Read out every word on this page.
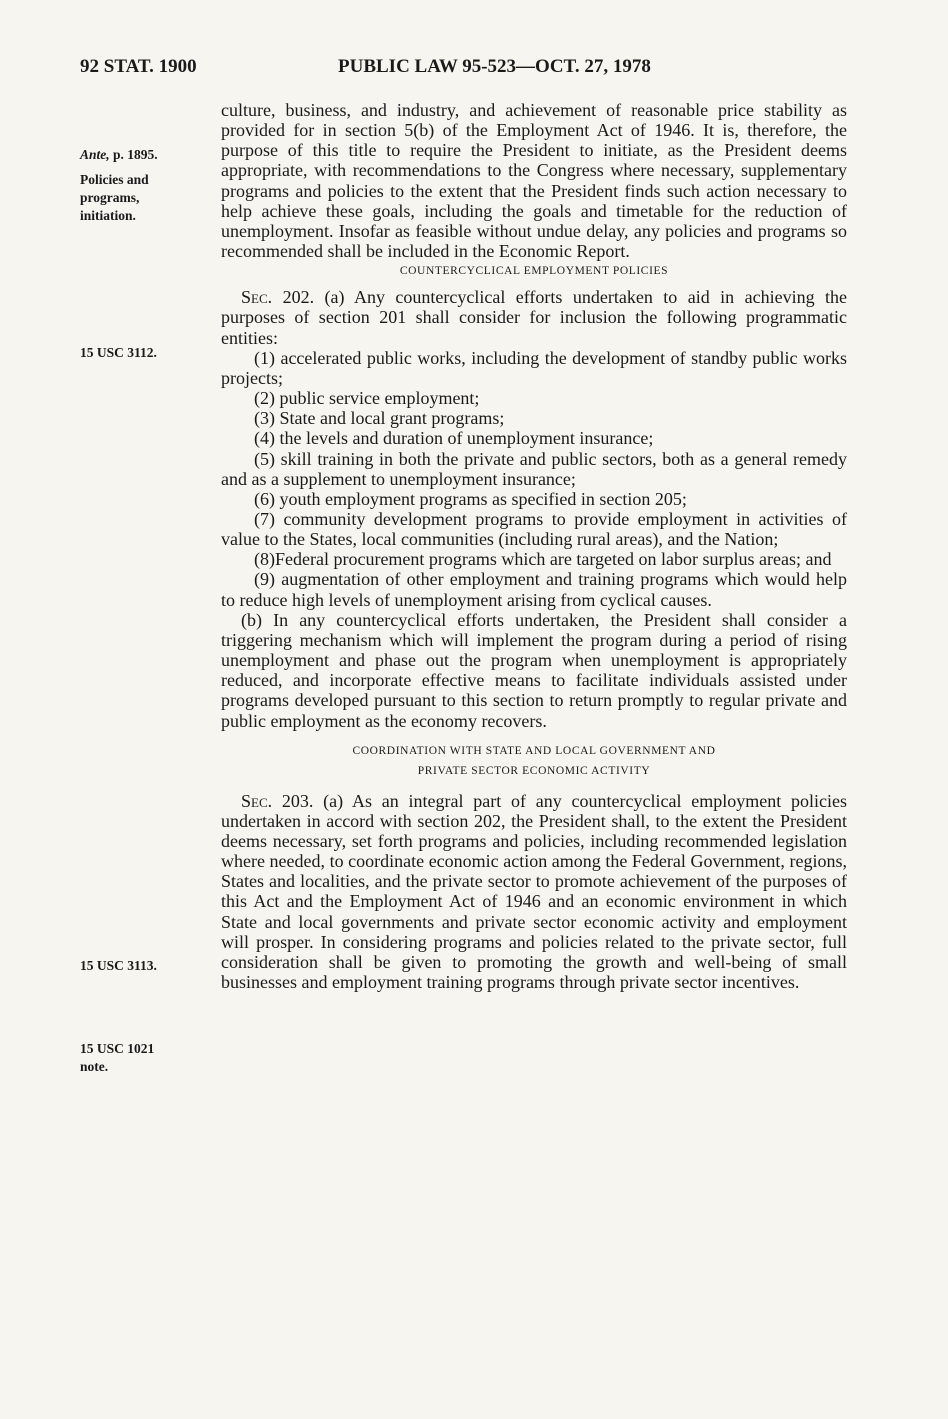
92 STAT. 1900	PUBLIC LAW 95-523—OCT. 27, 1978
Ante, p. 1895.
Policies and
programs,
initiation.
15 USC 3112.
15 USC 3113.
15 USC 1021
note.

culture, business, and industry, and achievement of reasonable price stability as provided for in section 5(b) of the Employment Act of 1946. It is, therefore, the purpose of this title to require the President to initiate, as the President deems appropriate, with recommendations to the Congress where necessary, supplementary programs and policies to the extent that the President finds such action necessary to help achieve these goals, including the goals and timetable for the reduction of unemployment. Insofar as feasible without undue delay, any policies and programs so recommended shall be included in the Economic Report.

COUNTERCYCLICAL EMPLOYMENT POLICIES

Sec. 202. (a) Any countercyclical efforts undertaken to aid in achieving the purposes of section 201 shall consider for inclusion the following programmatic entities:

(1) accelerated public works, including the development of standby public works projects;

(2) public service employment;

(3) State and local grant programs;

(4) the levels and duration of unemployment insurance;

(5) skill training in both the private and public sectors, both as a general remedy and as a supplement to unemployment insurance;

(6) youth employment programs as specified in section 205;

(7) community development programs to provide employment in activities of value to the States, local communities (including rural areas), and the Nation;

(8)Federal procurement programs which are targeted on labor surplus areas; and

(9) augmentation of other employment and training programs which would help to reduce high levels of unemployment arising from cyclical causes.

(b) In any countercyclical efforts undertaken, the President shall consider a triggering mechanism which will implement the program during a period of rising unemployment and phase out the program when unemployment is appropriately reduced, and incorporate effective means to facilitate individuals assisted under programs developed pursuant to this section to return promptly to regular private and public employment as the economy recovers.

COORDINATION WITH STATE AND LOCAL GOVERNMENT AND

PRIVATE SECTOR ECONOMIC ACTIVITY

Sec. 203. (a) As an integral part of any countercyclical employment policies undertaken in accord with section 202, the President shall, to the extent the President deems necessary, set forth programs and policies, including recommended legislation where needed, to coordinate economic action among the Federal Government, regions, States and localities, and the private sector to promote achievement of the purposes of this Act and the Employment Act of 1946 and an economic environment in which State and local governments and private sector economic activity and employment will prosper. In considering programs and policies related to the private sector, full consideration shall be given to promoting the growth and well-being of small businesses and employment training programs through private sector incentives.
